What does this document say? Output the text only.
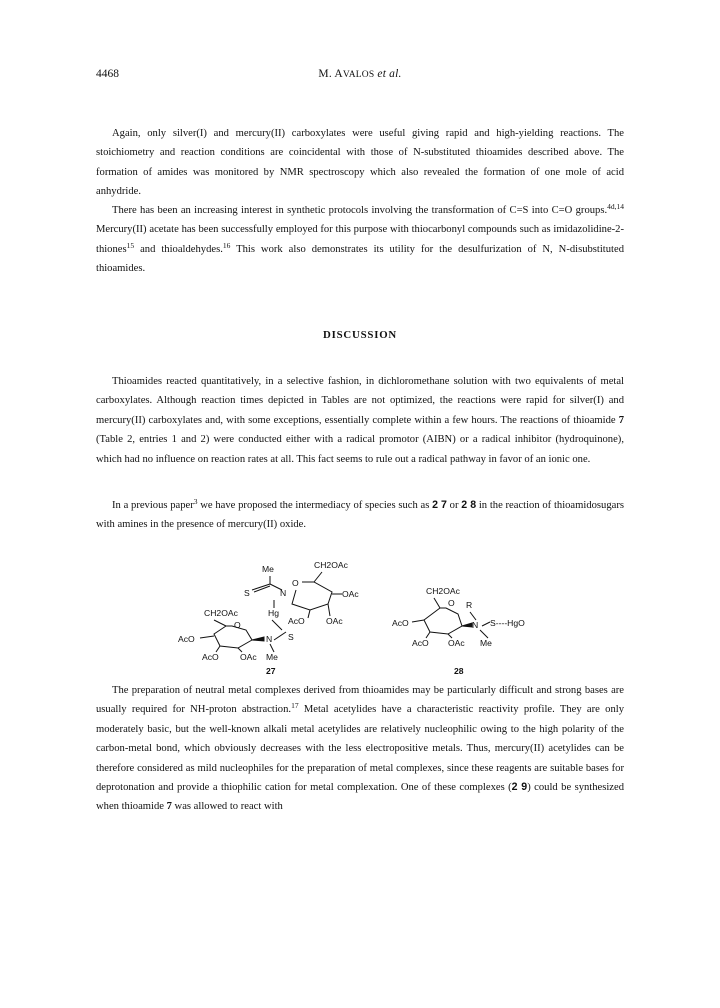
4468	M. AVALOS et al.

Again, only silver(I) and mercury(II) carboxylates were useful giving rapid and high-yielding reactions. The stoichiometry and reaction conditions are coincidental with those of N-substituted thioamides described above. The formation of amides was monitored by NMR spectroscopy which also revealed the formation of one mole of acid anhydride.

There has been an increasing interest in synthetic protocols involving the transformation of C=S into C=O groups.$^{4d,14}$ Mercury(II) acetate has been successfully employed for this purpose with thiocarbonyl compounds such as imidazolidine-2-thiones$^{15}$ and thioaldehydes.$^{16}$ This work also demonstrates its utility for the desulfurization of N, N-disubstituted thioamides.

DISCUSSION

Thioamides reacted quantitatively, in a selective fashion, in dichloromethane solution with two equivalents of metal carboxylates. Although reaction times depicted in Tables are not optimized, the reactions were rapid for silver(I) and mercury(II) carboxylates and, with some exceptions, essentially complete within a few hours. The reactions of thioamide 7 (Table 2, entries 1 and 2) were conducted either with a radical promotor (AIBN) or a radical inhibitor (hydroquinone), which had no influence on reaction rates at all. This fact seems to rule out a radical pathway in favor of an ionic one.

In a previous paper$^3$ we have proposed the intermediacy of species such as 2 7 or 2 8 in the reaction of thioamidosugars with amines in the presence of mercury(II) oxide.

Me	CH2OAc
O
S	N	OAc
Hg
AcO OAc
CH2OAc
O
AcO	N S
AcO OAc Me
27
CH2OAc
O R
AcO	N S----HgO
AcO OAc Me
28

The preparation of neutral metal complexes derived from thioamides may be particularly difficult and strong bases are usually required for NH-proton abstraction.$^{17}$ Metal acetylides have a characteristic reactivity profile. They are only moderately basic, but the well-known alkali metal acetylides are relatively nucleophilic owing to the high polarity of the carbon-metal bond, which obviously decreases with the less electropositive metals. Thus, mercury(II) acetylides can be therefore considered as mild nucleophiles for the preparation of metal complexes, since these reagents are suitable bases for deprotonation and provide a thiophilic cation for metal complexation. One of these complexes (2 9) could be synthesized when thioamide 7 was allowed to react with
